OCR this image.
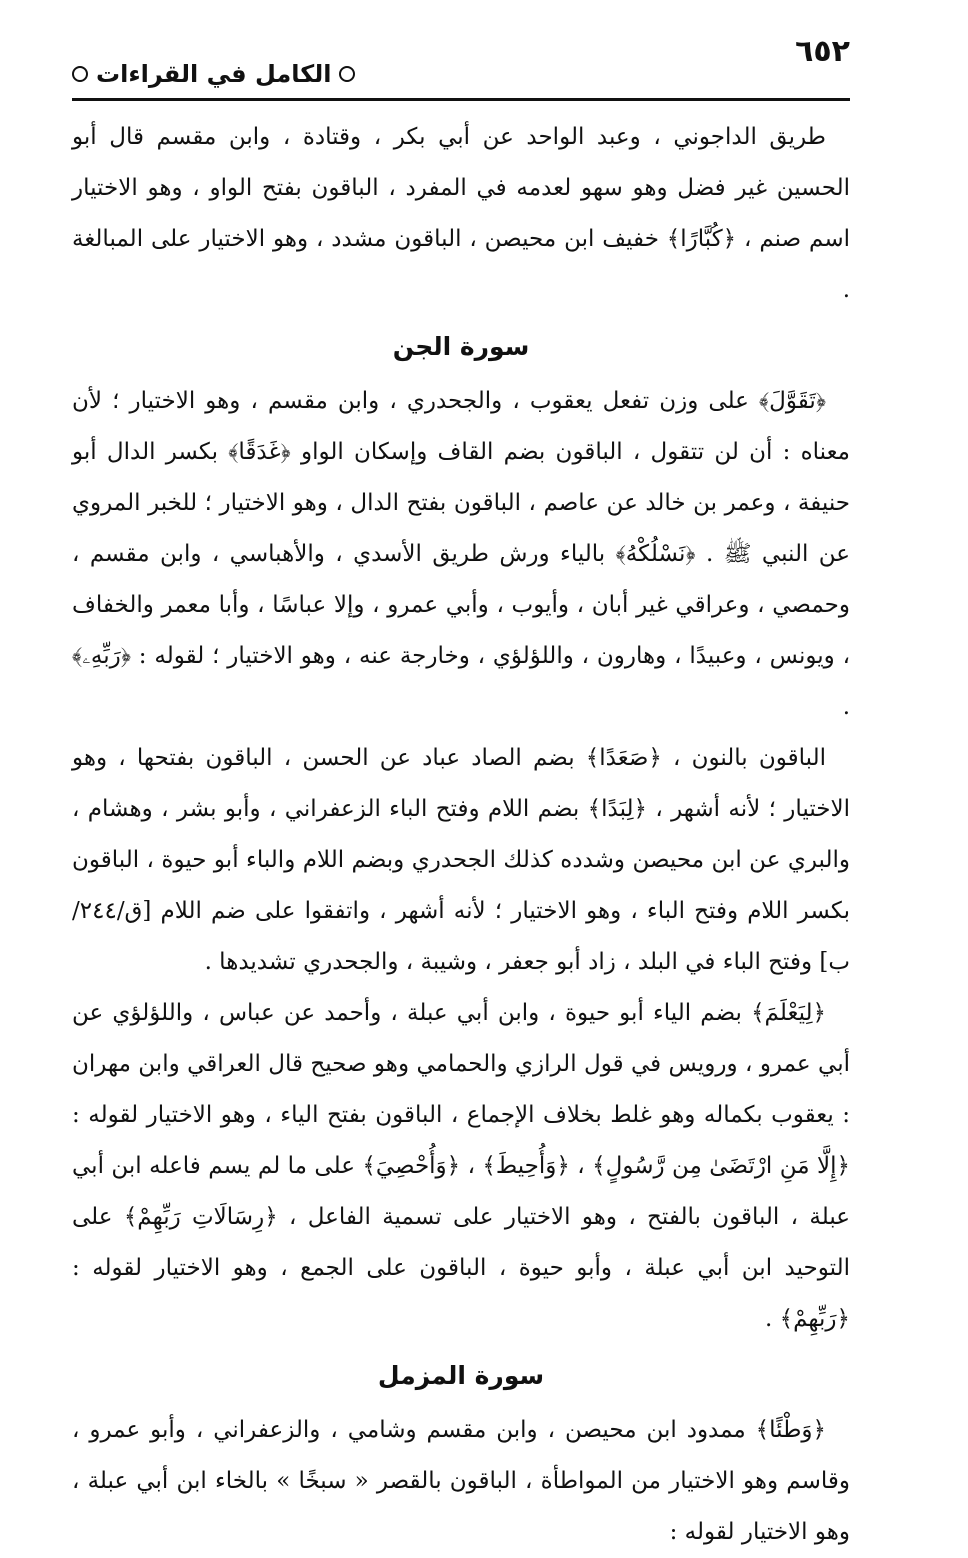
٦٥٢
الكامل في القراءات

طريق الداجوني ، وعبد الواحد عن أبي بكر ، وقتادة ، وابن مقسم قال أبو الحسين غير فضل وهو سهو لعدمه في المفرد ، الباقون بفتح الواو ، وهو الاختيار اسم صنم ، ﴿كُبَّارًا﴾ خفيف ابن محيصن ، الباقون مشدد ، وهو الاختيار على المبالغة .

سورة الجن

﴿تَقَوَّلَ﴾ على وزن تفعل يعقوب ، والجحدري ، وابن مقسم ، وهو الاختيار ؛ لأن معناه : أن لن تتقول ، الباقون بضم القاف وإسكان الواو ﴿غَدَقًا﴾ بكسر الدال أبو حنيفة ، وعمر بن خالد عن عاصم ، الباقون بفتح الدال ، وهو الاختيار ؛ للخبر المروي عن النبي ﷺ . ﴿نَسْلُكْهُ﴾ بالياء ورش طريق الأسدي ، والأهباسي ، وابن مقسم ، وحمصي ، وعراقي غير أبان ، وأيوب ، وأبي عمرو ، وإلا عباسًا ، وأبا معمر والخفاف ، ويونس ، وعبيدًا ، وهارون ، واللؤلؤي ، وخارجة عنه ، وهو الاختيار ؛ لقوله : ﴿رَبِّهِۦ﴾ .

الباقون بالنون ، ﴿صَعَدًا﴾ بضم الصاد عباد عن الحسن ، الباقون بفتحها ، وهو الاختيار ؛ لأنه أشهر ، ﴿لِبَدًا﴾ بضم اللام وفتح الباء الزعفراني ، وأبو بشر ، وهشام ، والبري عن ابن محيصن وشدده كذلك الجحدري وبضم اللام والباء أبو حيوة ، الباقون بكسر اللام وفتح الباء ، وهو الاختيار ؛ لأنه أشهر ، واتفقوا على ضم اللام [ق/٢٤٤/ب] وفتح الباء في البلد ، زاد أبو جعفر ، وشيبة ، والجحدري تشديدها .

﴿لِيَعْلَمَ﴾ بضم الياء أبو حيوة ، وابن أبي عبلة ، وأحمد عن عباس ، واللؤلؤي عن أبي عمرو ، ورويس في قول الرازي والحمامي وهو صحيح قال العراقي وابن مهران : يعقوب بكماله وهو غلط بخلاف الإجماع ، الباقون بفتح الياء ، وهو الاختيار لقوله : ﴿إِلَّا مَنِ ارْتَضَىٰ مِن رَّسُولٍ﴾ ، ﴿وَأُحِيطَ﴾ ، ﴿وَأُحْصِيَ﴾ على ما لم يسم فاعله ابن أبي عبلة ، الباقون بالفتح ، وهو الاختيار على تسمية الفاعل ، ﴿رِسَالَاتِ رَبِّهِمْ﴾ على التوحيد ابن أبي عبلة ، وأبو حيوة ، الباقون على الجمع ، وهو الاختيار لقوله : ﴿رَبِّهِمْ﴾ .

سورة المزمل

﴿وَطْئًا﴾ ممدود ابن محيصن ، وابن مقسم وشامي ، والزعفراني ، وأبو عمرو ، وقاسم وهو الاختيار من المواطأة ، الباقون بالقصر « سبخًا » بالخاء ابن أبي عبلة ، وهو الاختيار لقوله :
